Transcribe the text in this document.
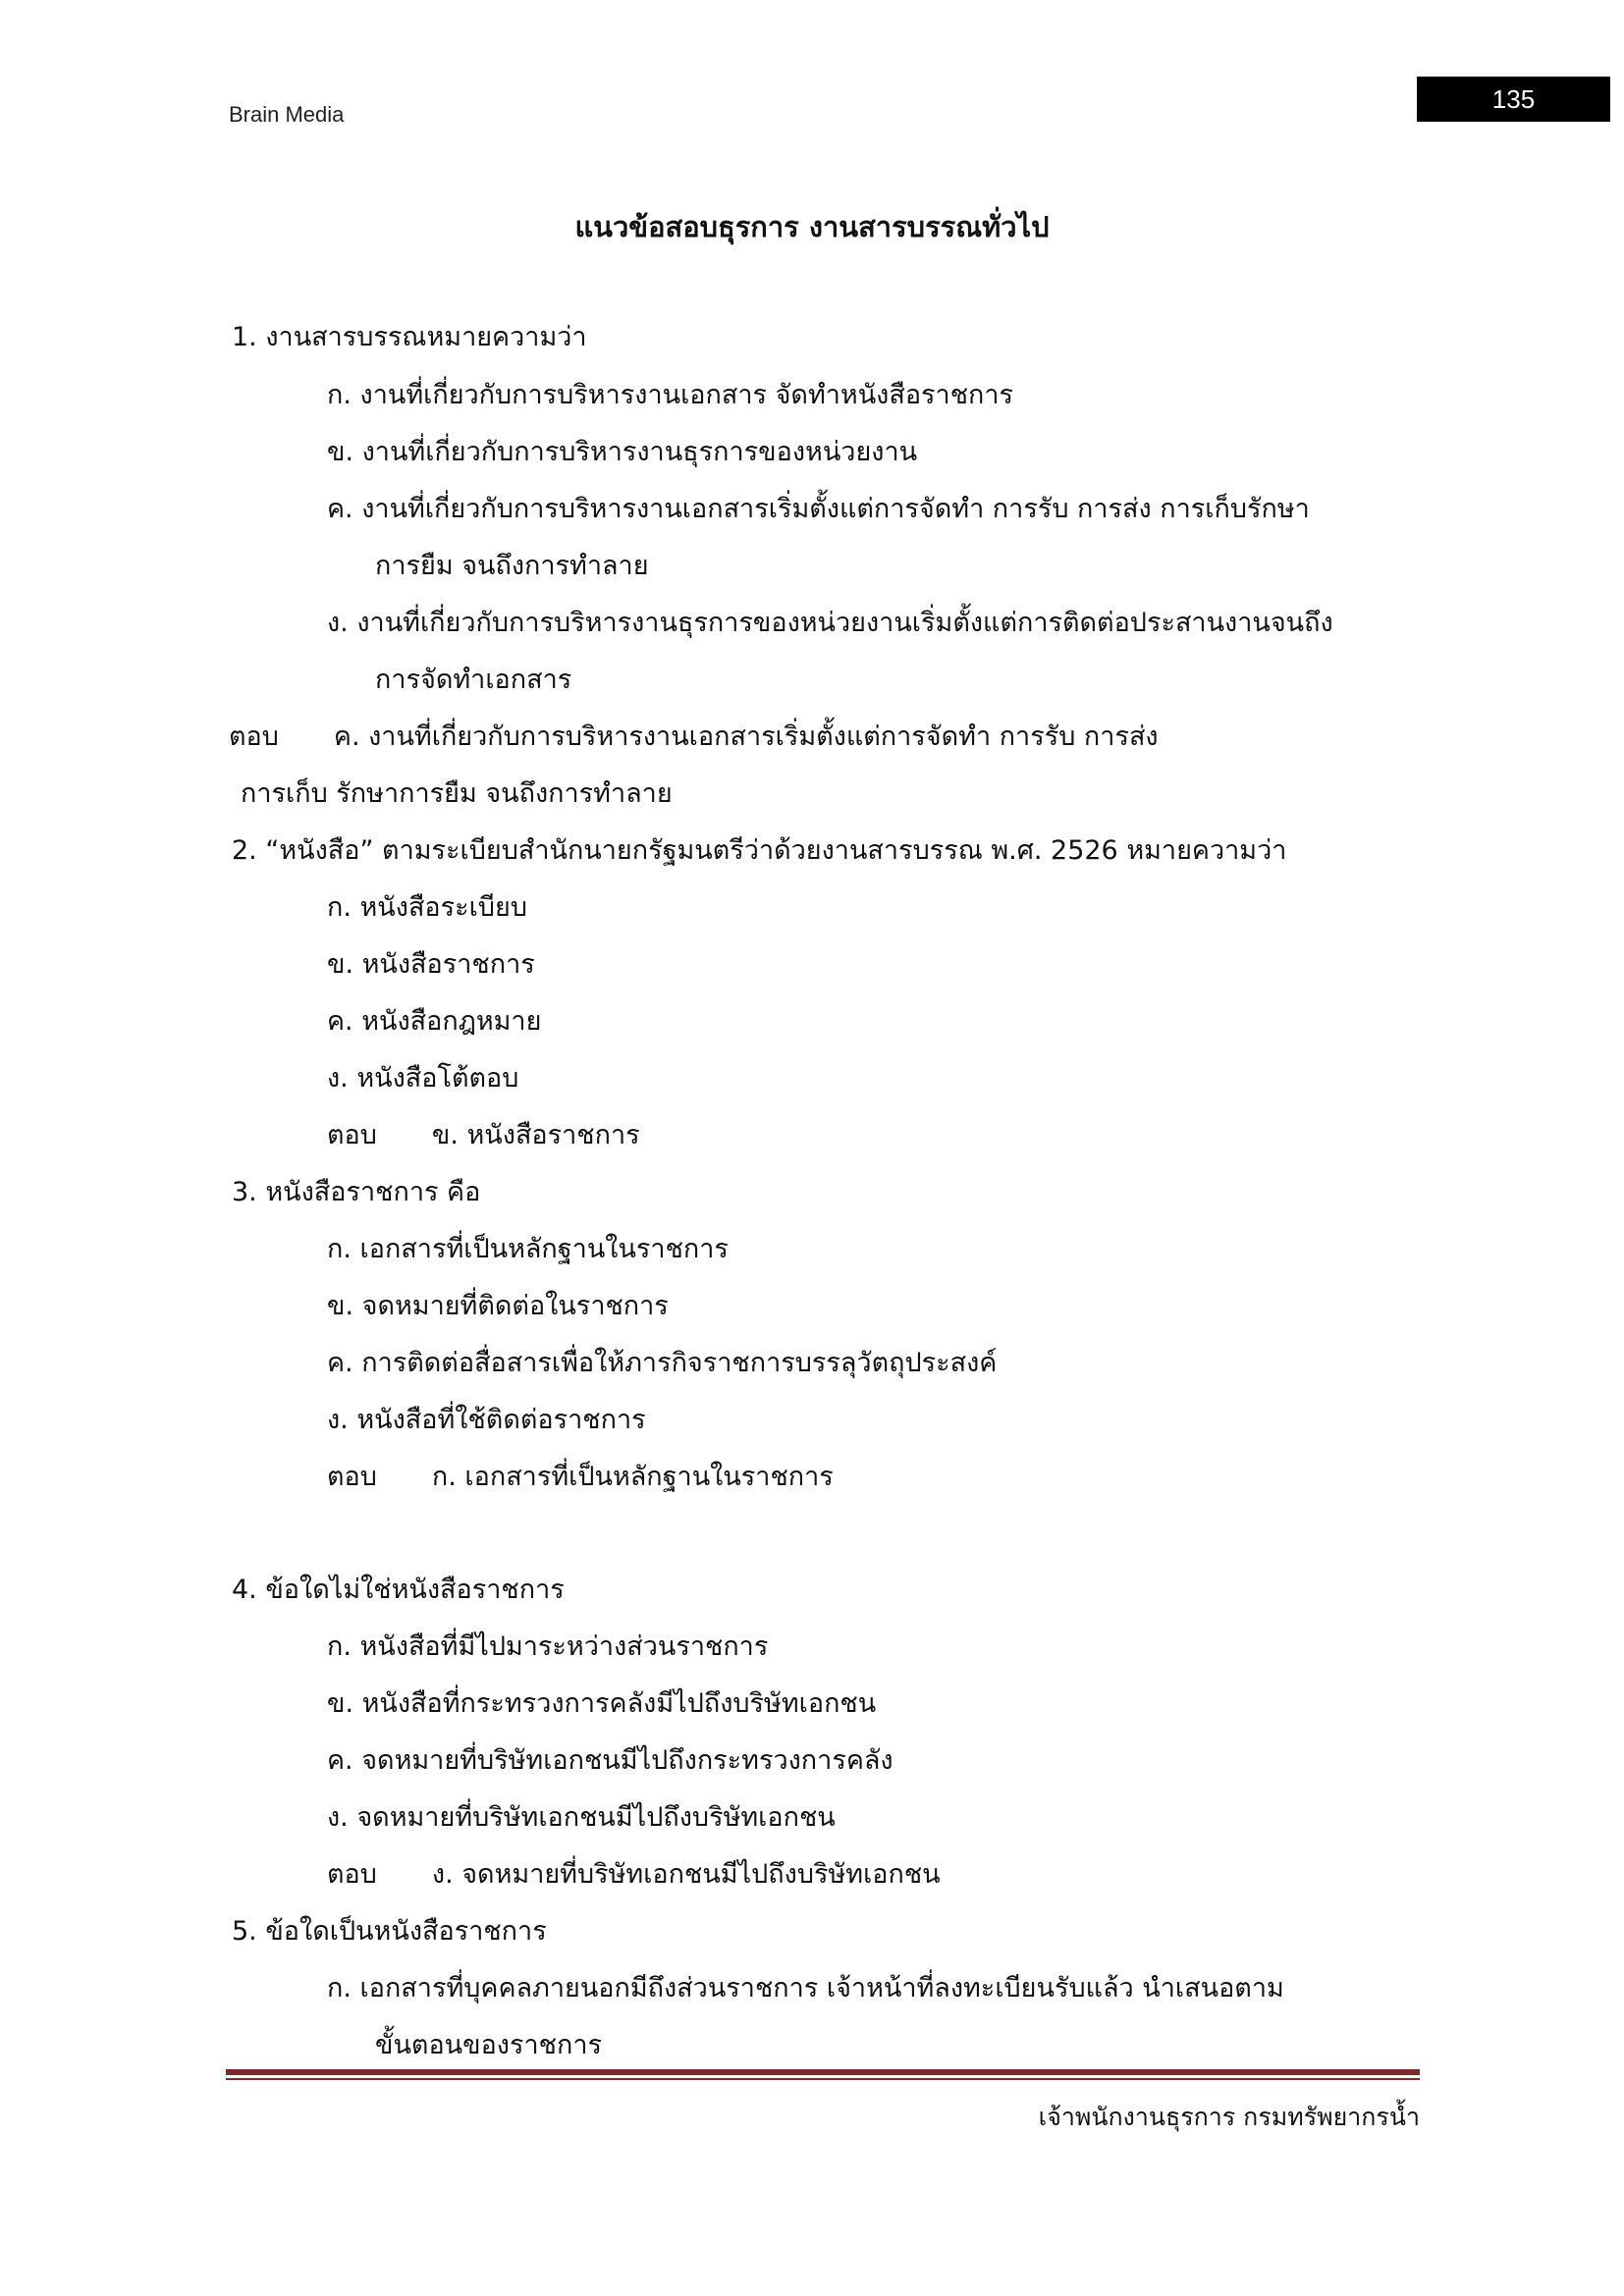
Brain Media
135
แนวข้อสอบธุรการ งานสารบรรณทั่วไป
1. งานสารบรรณหมายความว่า
ก. งานที่เกี่ยวกับการบริหารงานเอกสาร จัดทำหนังสือราชการ
ข. งานที่เกี่ยวกับการบริหารงานธุรการของหน่วยงาน
ค. งานที่เกี่ยวกับการบริหารงานเอกสารเริ่มตั้งแต่การจัดทำ การรับ การส่ง การเก็บรักษา
การยืม จนถึงการทำลาย
ง. งานที่เกี่ยวกับการบริหารงานธุรการของหน่วยงานเริ่มตั้งแต่การติดต่อประสานงานจนถึง
การจัดทำเอกสาร
ตอบ ค. งานที่เกี่ยวกับการบริหารงานเอกสารเริ่มตั้งแต่การจัดทำ การรับ การส่ง
การเก็บ รักษาการยืม จนถึงการทำลาย
2. “หนังสือ” ตามระเบียบสำนักนายกรัฐมนตรีว่าด้วยงานสารบรรณ พ.ศ. 2526 หมายความว่า
ก. หนังสือระเบียบ
ข. หนังสือราชการ
ค. หนังสือกฎหมาย
ง. หนังสือโต้ตอบ
ตอบ ข. หนังสือราชการ
3. หนังสือราชการ คือ
ก. เอกสารที่เป็นหลักฐานในราชการ
ข. จดหมายที่ติดต่อในราชการ
ค. การติดต่อสื่อสารเพื่อให้ภารกิจราชการบรรลุวัตถุประสงค์
ง. หนังสือที่ใช้ติดต่อราชการ
ตอบ ก. เอกสารที่เป็นหลักฐานในราชการ
4. ข้อใดไม่ใช่หนังสือราชการ
ก. หนังสือที่มีไปมาระหว่างส่วนราชการ
ข. หนังสือที่กระทรวงการคลังมีไปถึงบริษัทเอกชน
ค. จดหมายที่บริษัทเอกชนมีไปถึงกระทรวงการคลัง
ง. จดหมายที่บริษัทเอกชนมีไปถึงบริษัทเอกชน
ตอบ ง. จดหมายที่บริษัทเอกชนมีไปถึงบริษัทเอกชน
5. ข้อใดเป็นหนังสือราชการ
ก. เอกสารที่บุคคลภายนอกมีถึงส่วนราชการ เจ้าหน้าที่ลงทะเบียนรับแล้ว นำเสนอตาม
ขั้นตอนของราชการ
เจ้าพนักงานธุรการ กรมทรัพยากรน้ำ
